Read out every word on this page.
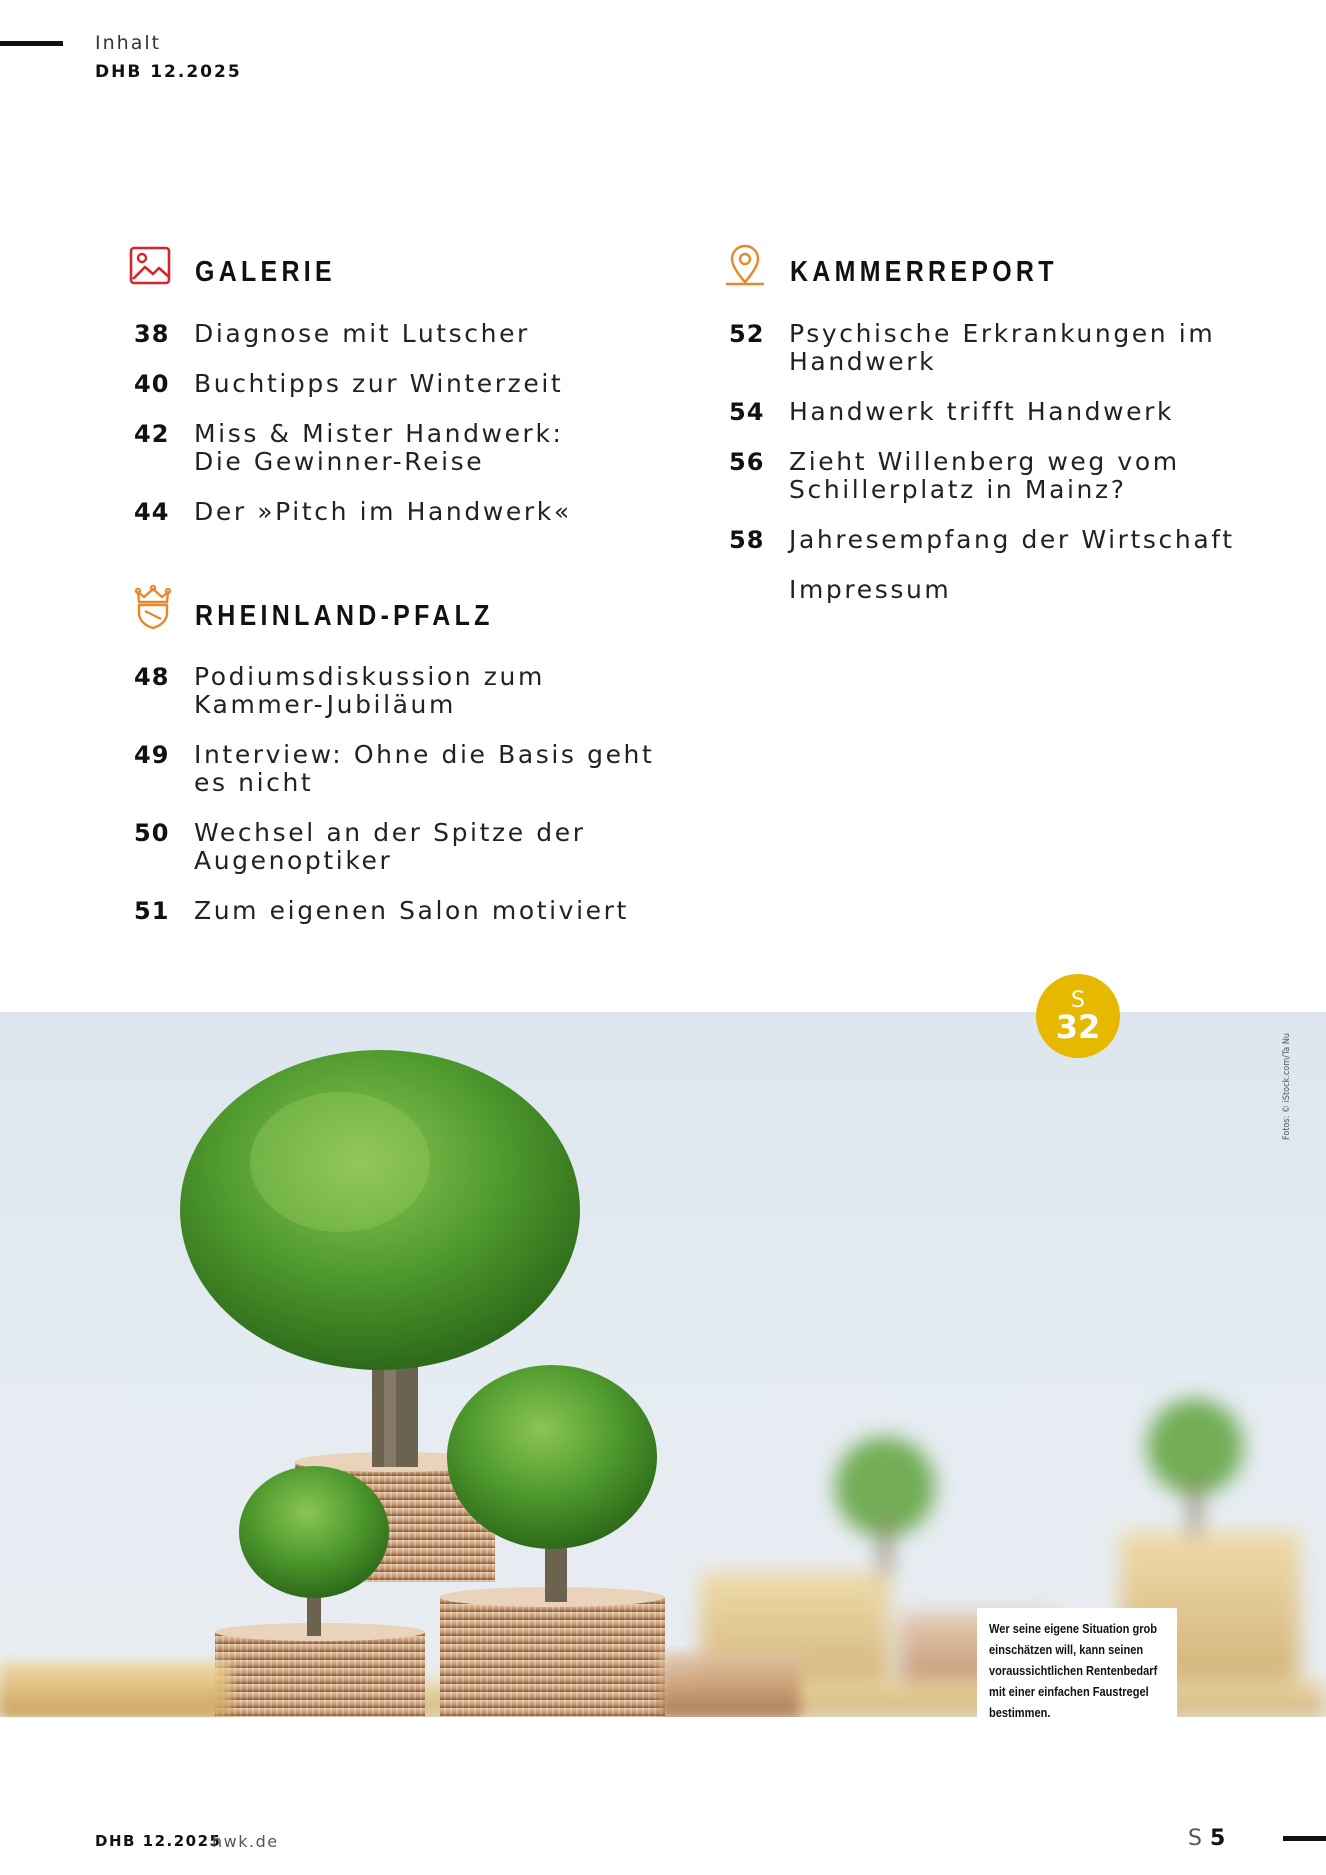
Inhalt
DHB 12.2025
GALERIE
38 Diagnose mit Lutscher
40 Buchtipps zur Winterzeit
42 Miss & Mister Handwerk:
Die Gewinner-Reise
44 Der »Pitch im Handwerk«
RHEINLAND-PFALZ
48 Podiumsdiskussion zum
Kammer-Jubiläum
49 Interview: Ohne die Basis geht
es nicht
50 Wechsel an der Spitze der
Augenoptiker
51 Zum eigenen Salon motiviert
KAMMERREPORT
52 Psychische Erkrankungen im
Handwerk
54 Handwerk trifft Handwerk
56 Zieht Willenberg weg vom
Schillerplatz in Mainz?
58 Jahresempfang der Wirtschaft
Impressum
S
32
Fotos: © iStock.com/Ta Nu
Wer seine eigene Situation grob einschätzen will, kann seinen voraussichtlichen Rentenbedarf mit einer einfachen Faustregel bestimmen.
DHB 12.2025
hwk.de	S 5
